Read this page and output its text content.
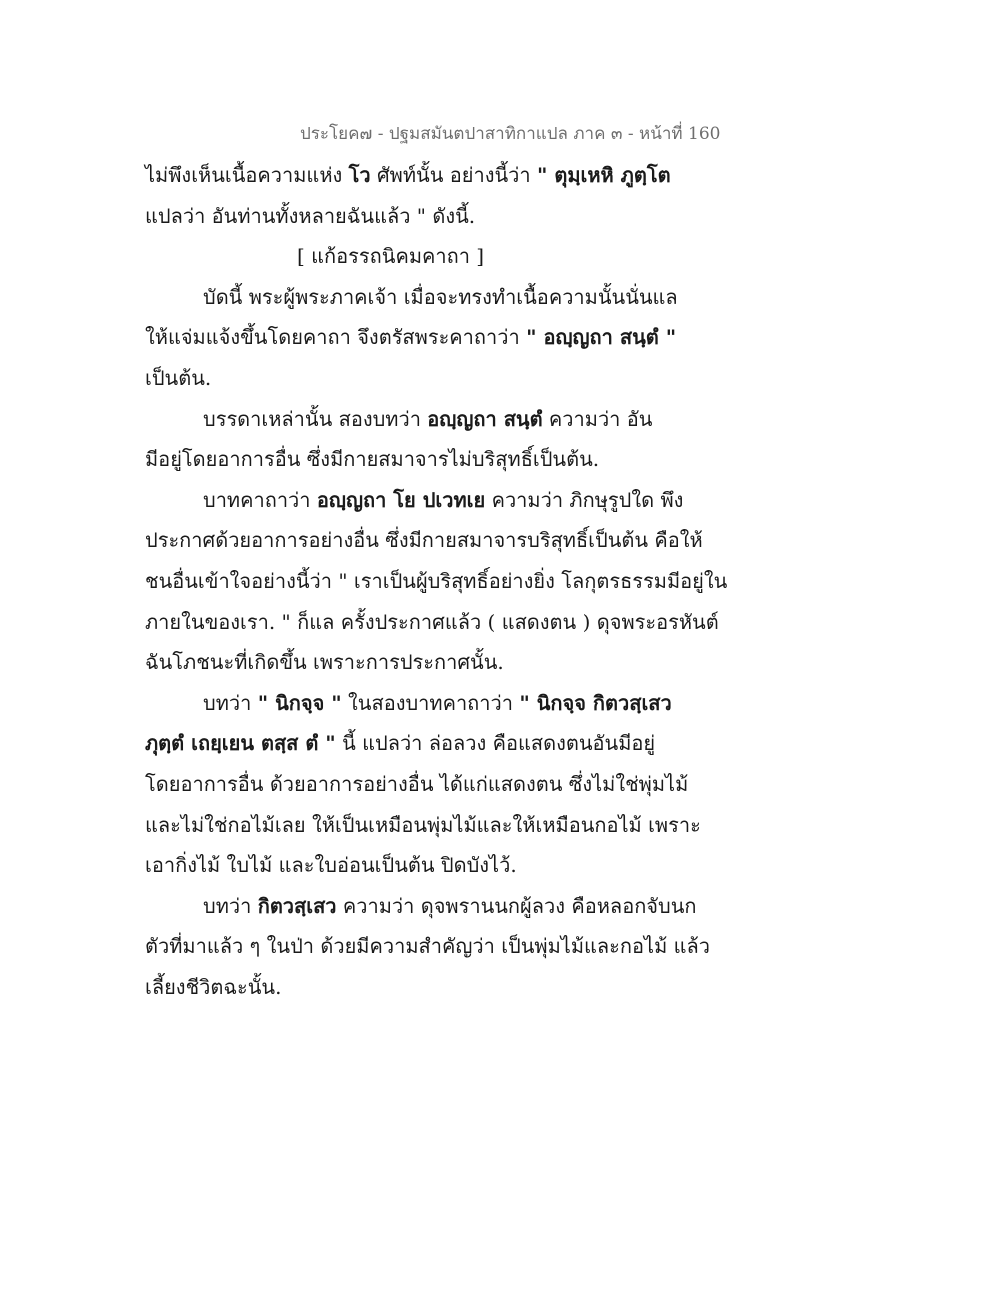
ประโยค๗ - ปฐมสมันตปาสาทิกาแปล ภาค ๓ - หน้าที่ 160
ไม่พึงเห็นเนื้อความแห่ง โว ศัพท์นั้น อย่างนี้ว่า " ตุมฺเหหิ ภูตฺโต
แปลว่า อันท่านทั้งหลายฉันแล้ว " ดังนี้.
[ แก้อรรถนิคมคาถา ]
บัดนี้ พระผู้พระภาคเจ้า เมื่อจะทรงทำเนื้อความนั้นนั่นแล
ให้แจ่มแจ้งขึ้นโดยคาถา จึงตรัสพระคาถาว่า " อญฺญถา สนฺตํ "
เป็นต้น.
บรรดาเหล่านั้น สองบทว่า อญฺญถา สนฺตํ ความว่า อัน
มีอยู่โดยอาการอื่น ซึ่งมีกายสมาจารไม่บริสุทธิ์เป็นต้น.
บาทคาถาว่า อญฺญถา โย ปเวทเย ความว่า ภิกษุรูปใด พึง
ประกาศด้วยอาการอย่างอื่น ซึ่งมีกายสมาจารบริสุทธิ์เป็นต้น คือให้
ชนอื่นเข้าใจอย่างนี้ว่า " เราเป็นผู้บริสุทธิ์อย่างยิ่ง โลกุตรธรรมมีอยู่ใน
ภายในของเรา. " ก็แล ครั้งประกาศแล้ว ( แสดงตน ) ดุจพระอรหันต์
ฉันโภชนะที่เกิดขึ้น เพราะการประกาศนั้น.
บทว่า " นิกจฺจ " ในสองบาทคาถาว่า " นิกจฺจ กิตวสฺเสว
ภุตฺตํ เถยฺเยน ตสฺส ตํ " นี้ แปลว่า ล่อลวง คือแสดงตนอันมีอยู่
โดยอาการอื่น ด้วยอาการอย่างอื่น ได้แก่แสดงตน ซึ่งไม่ใช่พุ่มไม้
และไม่ใช่กอไม้เลย ให้เป็นเหมือนพุ่มไม้และให้เหมือนกอไม้ เพราะ
เอากิ่งไม้ ใบไม้ และใบอ่อนเป็นต้น ปิดบังไว้.
บทว่า กิตวสฺเสว ความว่า ดุจพรานนกผู้ลวง คือหลอกจับนก
ตัวที่มาแล้ว ๆ ในป่า ด้วยมีความสำคัญว่า เป็นพุ่มไม้และกอไม้ แล้ว
เลี้ยงชีวิตฉะนั้น.
